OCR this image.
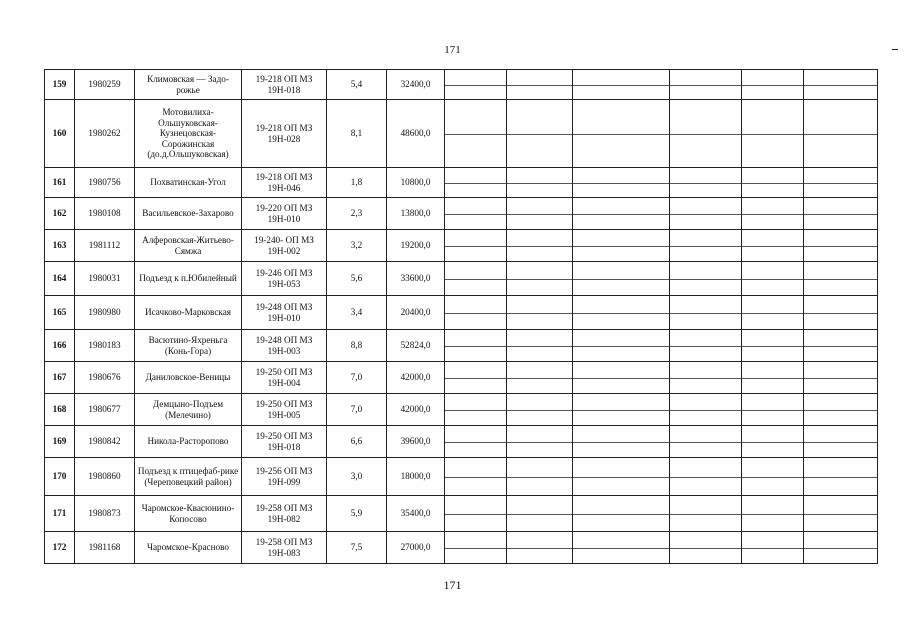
171
159	1980259	Климовская — Задо-рожье	19-218 ОП МЗ 19Н-018	5,4	32400,0	

160	1980262	Мотовилиха-Ольшуковская-Кузнецовская-Сорожинская (до.д.Ольшуковская)	19-218 ОП МЗ 19Н-028	8,1	48600,0	

161	1980756	Похватинская-Угол	19-218 ОП МЗ 19Н-046	1,8	10800,0	

162	1980108	Васильевское-Захарово	19-220 ОП МЗ 19Н-010	2,3	13800,0	

163	1981112	Алферовская-Житьево-Сямжа	19-240- ОП МЗ 19Н-002	3,2	19200,0	

164	1980031	Подъезд к п.Юбилейный	19-246 ОП МЗ 19Н-053	5,6	33600,0	

165	1980980	Исачково-Марковская	19-248 ОП МЗ 19Н-010	3,4	20400,0	

166	1980183	Васютино-Яхреньга (Конь-Гора)	19-248 ОП МЗ 19Н-003	8,8	52824,0	

167	1980676	Даниловское-Веницы	19-250 ОП МЗ 19Н-004	7,0	42000,0	

168	1980677	Демцыно-Подъем (Мелечино)	19-250 ОП МЗ 19Н-005	7,0	42000,0	

169	1980842	Никола-Расторопово	19-250 ОП МЗ 19Н-018	6,6	39600,0	

170	1980860	Подъезд к птицефаб-рике (Череповецкий район)	19-256 ОП МЗ 19Н-099	3,0	18000,0	

171	1980873	Чаромское-Квасюнино-Копосово	19-258 ОП МЗ 19Н-082	5,9	35400,0	

172	1981168	Чаромское-Красново	19-258 ОП МЗ 19Н-083	7,5	27000,0	

171
